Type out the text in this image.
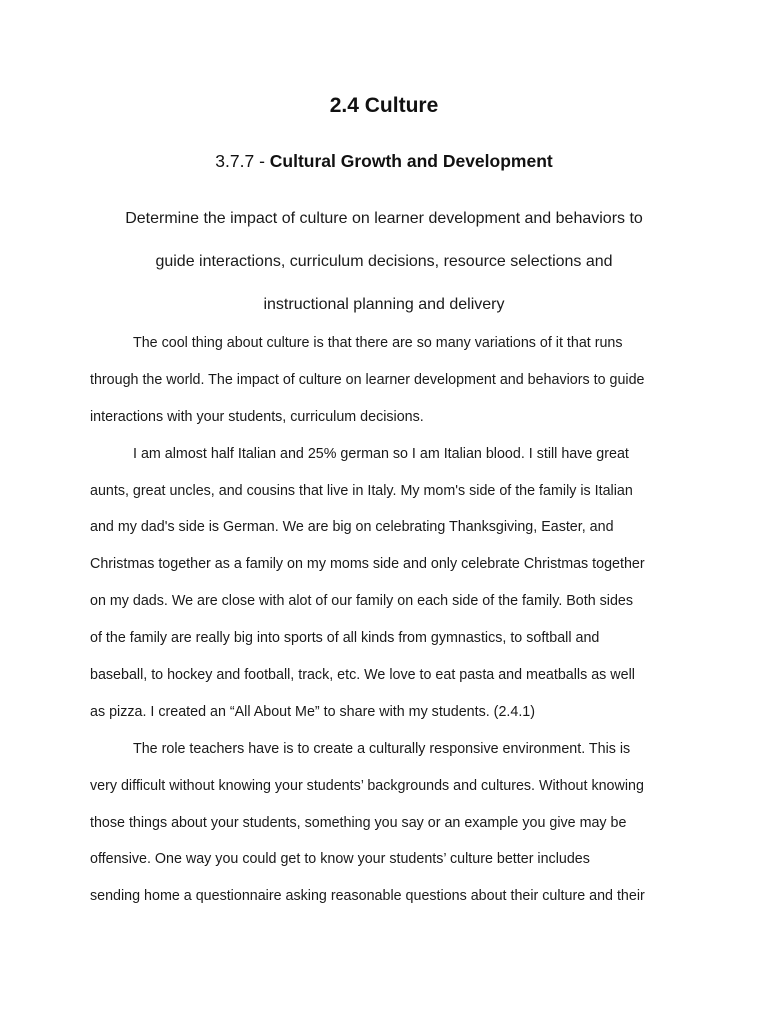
2.4 Culture
3.7.7 - Cultural Growth and Development
Determine the impact of culture on learner development and behaviors to
guide interactions, curriculum decisions, resource selections and
instructional planning and delivery
The cool thing about culture is that there are so many variations of it that runs
through the world. The impact of culture on learner development and behaviors to guide
interactions with your students, curriculum decisions.
I am almost half Italian and 25% german so I am Italian blood. I still have great
aunts, great uncles, and cousins that live in Italy. My mom's side of the family is Italian
and my dad's side is German. We are big on celebrating Thanksgiving, Easter, and
Christmas together as a family on my moms side and only celebrate Christmas together
on my dads. We are close with alot of our family on each side of the family. Both sides
of the family are really big into sports of all kinds from gymnastics, to softball and
baseball, to hockey and football, track, etc. We love to eat pasta and meatballs as well
as pizza. I created an “All About Me” to share with my students. (2.4.1)
The role teachers have is to create a culturally responsive environment. This is
very difficult without knowing your students’ backgrounds and cultures. Without knowing
those things about your students, something you say or an example you give may be
offensive. One way you could get to know your students’ culture better includes
sending home a questionnaire asking reasonable questions about their culture and their
